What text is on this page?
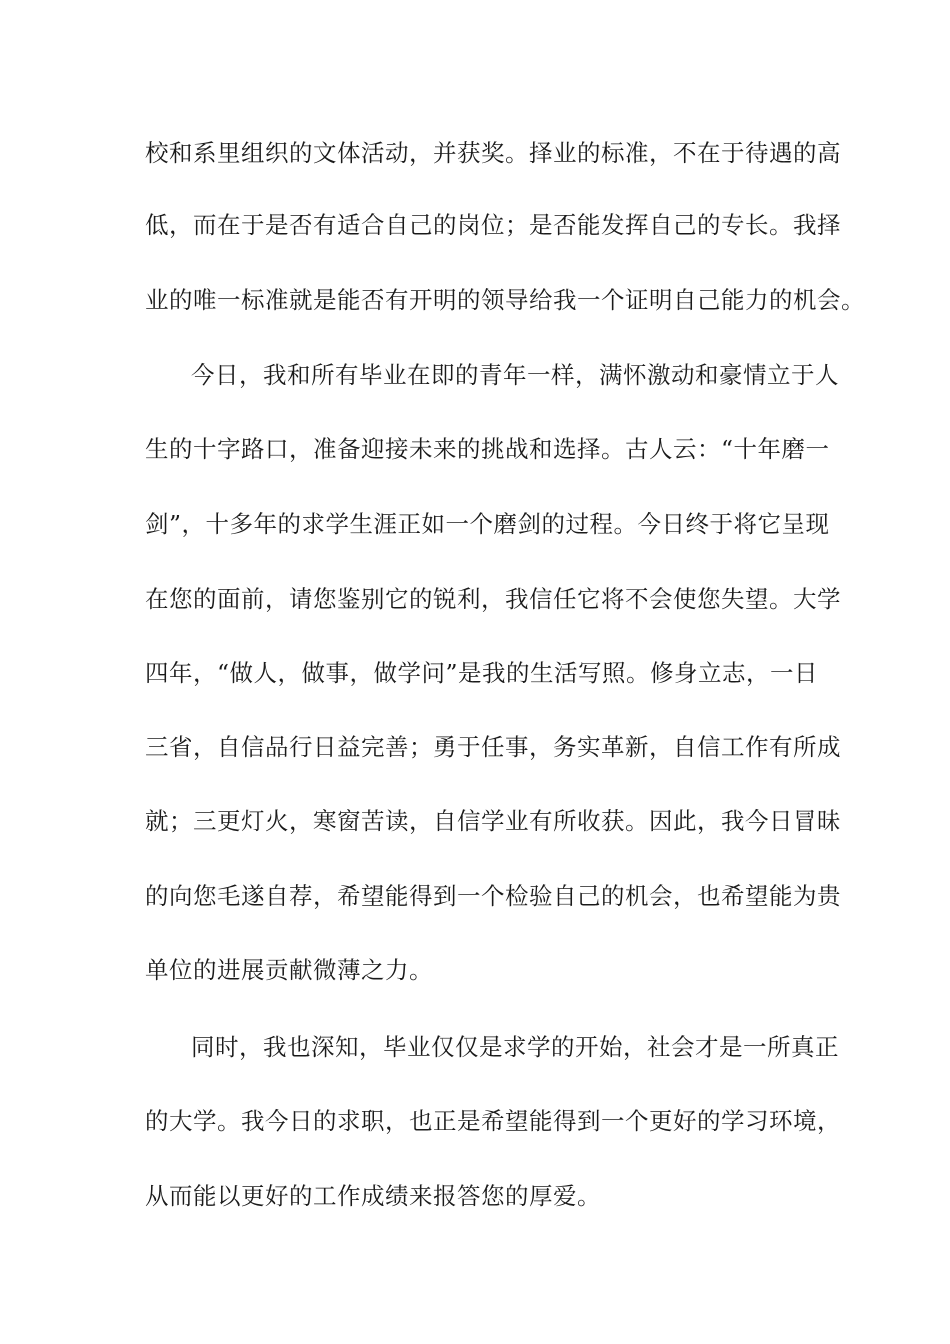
校和系里组织的文体活动，并获奖。择业的标准，不在于待遇的高
低，而在于是否有适合自己的岗位；是否能发挥自己的专长。我择
业的唯一标准就是能否有开明的领导给我一个证明自己能力的机会。
今日，我和所有毕业在即的青年一样，满怀激动和豪情立于人
生的十字路口，准备迎接未来的挑战和选择。古人云：“十年磨一
剑”，十多年的求学生涯正如一个磨剑的过程。今日终于将它呈现
在您的面前，请您鉴别它的锐利，我信任它将不会使您失望。大学
四年，“做人，做事，做学问”是我的生活写照。修身立志，一日
三省，自信品行日益完善；勇于任事，务实革新，自信工作有所成
就；三更灯火，寒窗苦读，自信学业有所收获。因此，我今日冒昧
的向您毛遂自荐，希望能得到一个检验自己的机会，也希望能为贵
单位的进展贡献微薄之力。
同时，我也深知，毕业仅仅是求学的开始，社会才是一所真正
的大学。我今日的求职，也正是希望能得到一个更好的学习环境，
从而能以更好的工作成绩来报答您的厚爱。
